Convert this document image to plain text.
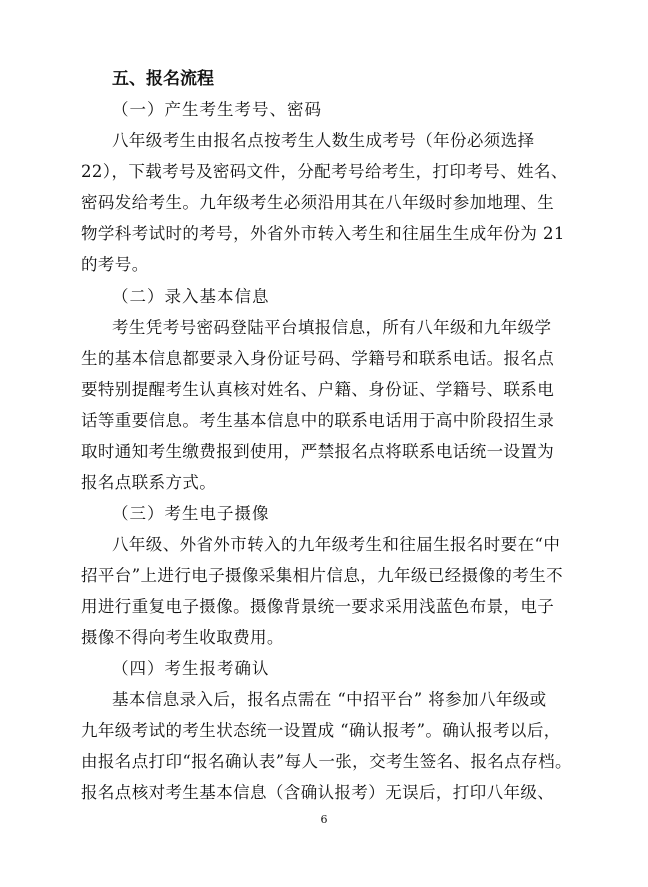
五、报名流程
（一）产生考生考号、密码
八年级考生由报名点按考生人数生成考号（年份必须选择
22），下载考号及密码文件，分配考号给考生，打印考号、姓名、
密码发给考生。九年级考生必须沿用其在八年级时参加地理、生
物学科考试时的考号，外省外市转入考生和往届生生成年份为 21
的考号。
（二）录入基本信息
考生凭考号密码登陆平台填报信息，所有八年级和九年级学
生的基本信息都要录入身份证号码、学籍号和联系电话。报名点
要特别提醒考生认真核对姓名、户籍、身份证、学籍号、联系电
话等重要信息。考生基本信息中的联系电话用于高中阶段招生录
取时通知考生缴费报到使用，严禁报名点将联系电话统一设置为
报名点联系方式。
（三）考生电子摄像
八年级、外省外市转入的九年级考生和往届生报名时要在“中
招平台”上进行电子摄像采集相片信息，九年级已经摄像的考生不
用进行重复电子摄像。摄像背景统一要求采用浅蓝色布景，电子
摄像不得向考生收取费用。
（四）考生报考确认
基本信息录入后，报名点需在 “中招平台” 将参加八年级或
九年级考试的考生状态统一设置成 “确认报考”。确认报考以后，
由报名点打印“报名确认表”每人一张，交考生签名、报名点存档。
报名点核对考生基本信息（含确认报考）无误后，打印八年级、
6
